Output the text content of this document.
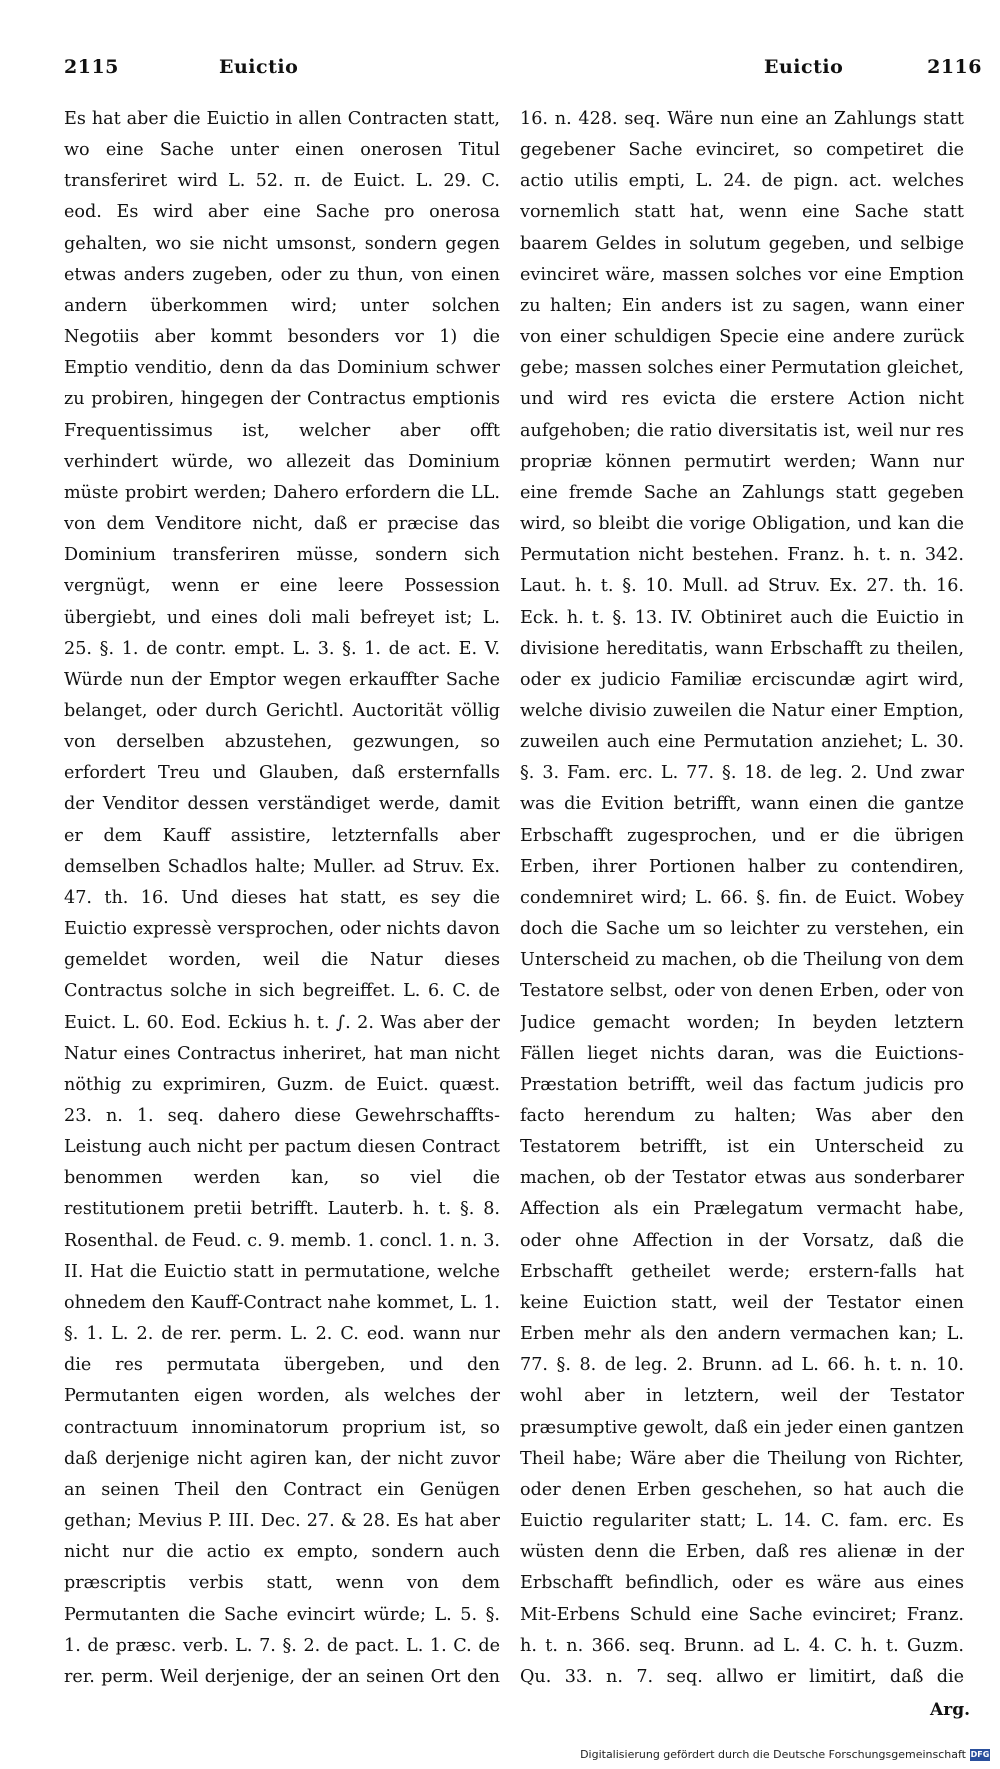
2115	Euictio	Euictio	2116

Es hat aber die Euictio in allen Contracten statt, wo eine Sache unter einen onerosen Titul transferiret wird L. 52. π. de Euict. L. 29. C. eod. Es wird aber eine Sache pro onerosa gehalten, wo sie nicht umsonst, sondern gegen etwas anders zugeben, oder zu thun, von einen andern überkommen wird; unter solchen Negotiis aber kommt besonders vor 1) die Emptio venditio, denn da das Dominium schwer zu probiren, hingegen der Contractus emptionis Frequentissimus ist, welcher aber offt verhindert würde, wo allezeit das Dominium müste probirt werden; Dahero erfordern die LL. von dem Venditore nicht, daß er præcise das Dominium transferiren müsse, sondern sich vergnügt, wenn er eine leere Possession übergiebt, und eines doli mali befreyet ist; L. 25. §. 1. de contr. empt. L. 3. §. 1. de act. E. V. Würde nun der Emptor wegen erkauffter Sache belanget, oder durch Gerichtl. Auctorität völlig von derselben abzustehen, gezwungen, so erfordert Treu und Glauben, daß ersternfalls der Venditor dessen verständiget werde, damit er dem Kauff assistire, letzternfalls aber demselben Schadlos halte; Muller. ad Struv. Ex. 47. th. 16. Und dieses hat statt, es sey die Euictio expressè versprochen, oder nichts davon gemeldet worden, weil die Natur dieses Contractus solche in sich begreiffet. L. 6. C. de Euict. L. 60. Eod. Eckius h. t. ∫. 2. Was aber der Natur eines Contractus inheriret, hat man nicht nöthig zu exprimiren, Guzm. de Euict. quæst. 23. n. 1. seq. dahero diese Gewehrschaffts-Leistung auch nicht per pactum diesen Contract benommen werden kan, so viel die restitutionem pretii betrifft. Lauterb. h. t. §. 8. Rosenthal. de Feud. c. 9. memb. 1. concl. 1. n. 3. II. Hat die Euictio statt in permutatione, welche ohnedem den Kauff-Contract nahe kommet, L. 1. §. 1. L. 2. de rer. perm. L. 2. C. eod. wann nur die res permutata übergeben, und den Permutanten eigen worden, als welches der contractuum innominatorum proprium ist, so daß derjenige nicht agiren kan, der nicht zuvor an seinen Theil den Contract ein Genügen gethan; Mevius P. III. Dec. 27. & 28. Es hat aber nicht nur die actio ex empto, sondern auch præscriptis verbis statt, wenn von dem Permutanten die Sache evincirt würde; L. 5. §. 1. de præsc. verb. L. 7. §. 2. de pact. L. 1. C. de rer. perm. Weil derjenige, der an seinen Ort den

16. n. 428. seq. Wäre nun eine an Zahlungs statt gegebener Sache evinciret, so competiret die actio utilis empti, L. 24. de pign. act. welches vornemlich statt hat, wenn eine Sache statt baarem Geldes in solutum gegeben, und selbige evinciret wäre, massen solches vor eine Emption zu halten; Ein anders ist zu sagen, wann einer von einer schuldigen Specie eine andere zurück gebe; massen solches einer Permutation gleichet, und wird res evicta die erstere Action nicht aufgehoben; die ratio diversitatis ist, weil nur res propriæ können permutirt werden; Wann nur eine fremde Sache an Zahlungs statt gegeben wird, so bleibt die vorige Obligation, und kan die Permutation nicht bestehen. Franz. h. t. n. 342. Laut. h. t. §. 10. Mull. ad Struv. Ex. 27. th. 16. Eck. h. t. §. 13. IV. Obtiniret auch die Euictio in divisione hereditatis, wann Erbschafft zu theilen, oder ex judicio Familiæ erciscundæ agirt wird, welche divisio zuweilen die Natur einer Emption, zuweilen auch eine Permutation anziehet; L. 30. §. 3. Fam. erc. L. 77. §. 18. de leg. 2. Und zwar was die Evition betrifft, wann einen die gantze Erbschafft zugesprochen, und er die übrigen Erben, ihrer Portionen halber zu contendiren, condemniret wird; L. 66. §. fin. de Euict. Wobey doch die Sache um so leichter zu verstehen, ein Unterscheid zu machen, ob die Theilung von dem Testatore selbst, oder von denen Erben, oder von Judice gemacht worden; In beyden letztern Fällen lieget nichts daran, was die Euictions-Præstation betrifft, weil das factum judicis pro facto herendum zu halten; Was aber den Testatorem betrifft, ist ein Unterscheid zu machen, ob der Testator etwas aus sonderbarer Affection als ein Prælegatum vermacht habe, oder ohne Affection in der Vorsatz, daß die Erbschafft getheilet werde; erstern-falls hat keine Euiction statt, weil der Testator einen Erben mehr als den andern vermachen kan; L. 77. §. 8. de leg. 2. Brunn. ad L. 66. h. t. n. 10. wohl aber in letztern, weil der Testator præsumptive gewolt, daß ein jeder einen gantzen Theil habe; Wäre aber die Theilung von Richter, oder denen Erben geschehen, so hat auch die Euictio regulariter statt; L. 14. C. fam. erc. Es wüsten denn die Erben, daß res alienæ in der Erbschafft befindlich, oder es wäre aus eines Mit-Erbens Schuld eine Sache evinciret; Franz. h. t. n. 366. seq. Brunn. ad L. 4. C. h. t. Guzm. Qu. 33. n. 7. seq. allwo er limitirt, daß die

Arg.
Digitalisierung gefördert durch die Deutsche Forschungsgemeinschaft DFG
